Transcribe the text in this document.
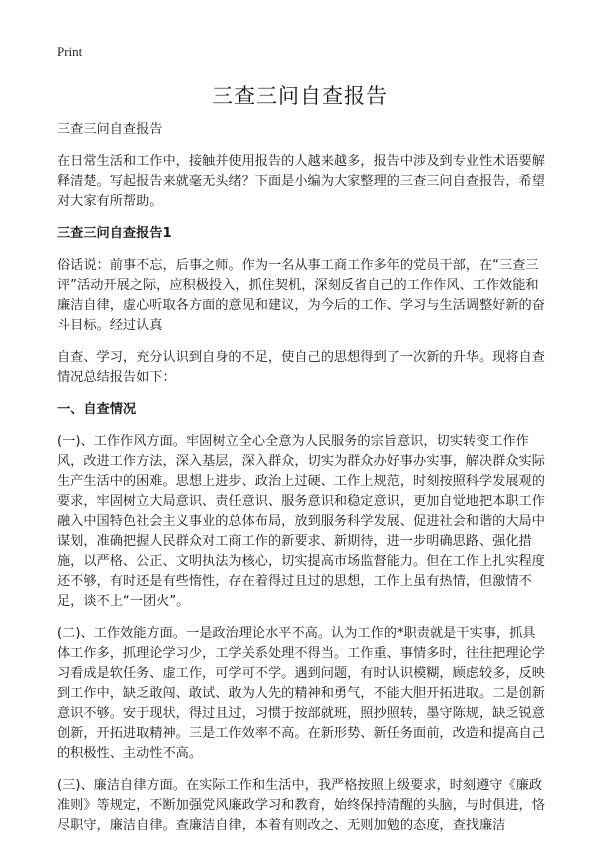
Print
三查三问自查报告

三查三问自查报告

在日常生活和工作中，接触并使用报告的人越来越多，报告中涉及到专业性术语要解释清楚。写起报告来就毫无头绪？下面是小编为大家整理的三查三问自查报告，希望对大家有所帮助。

三查三问自查报告1

俗话说：前事不忘，后事之师。作为一名从事工商工作多年的党员干部，在“三查三评”活动开展之际，应积极投入，抓住契机，深刻反省自己的工作作风、工作效能和廉洁自律，虚心听取各方面的意见和建议，为今后的工作、学习与生活调整好新的奋斗目标。经过认真

自查、学习，充分认识到自身的不足，使自己的思想得到了一次新的升华。现将自查情况总结报告如下：

一、自查情况

(一)、工作作风方面。牢固树立全心全意为人民服务的宗旨意识，切实转变工作作风，改进工作方法，深入基层，深入群众，切实为群众办好事办实事，解决群众实际生产生活中的困难。思想上进步、政治上过硬、工作上规范，时刻按照科学发展观的要求，牢固树立大局意识、责任意识、服务意识和稳定意识，更加自觉地把本职工作融入中国特色社会主义事业的总体布局，放到服务科学发展、促进社会和谐的大局中谋划，准确把握人民群众对工商工作的新要求、新期待，进一步明确思路、强化措施，以严格、公正、文明执法为核心，切实提高市场监督能力。但在工作上扎实程度还不够，有时还是有些惰性，存在着得过且过的思想，工作上虽有热情，但激情不足，谈不上“一团火”。

(二)、工作效能方面。一是政治理论水平不高。认为工作的*职责就是干实事，抓具体工作多，抓理论学习少，工学关系处理不得当。工作重、事情多时，往往把理论学习看成是软任务、虚工作，可学可不学。遇到问题，有时认识模糊，顾虑较多，反映到工作中，缺乏敢闯、敢试、敢为人先的精神和勇气，不能大胆开拓进取。二是创新意识不够。安于现状，得过且过，习惯于按部就班，照抄照转，墨守陈规，缺乏锐意创新，开拓进取精神。三是工作效率不高。在新形势、新任务面前，改造和提高自己的积极性、主动性不高。

(三)、廉洁自律方面。在实际工作和生活中，我严格按照上级要求，时刻遵守《廉政准则》等规定，不断加强党风廉政学习和教育，始终保持清醒的头脑，与时俱进，恪尽职守，廉洁自律。查廉洁自律，本着有则改之、无则加勉的态度，查找廉洁
